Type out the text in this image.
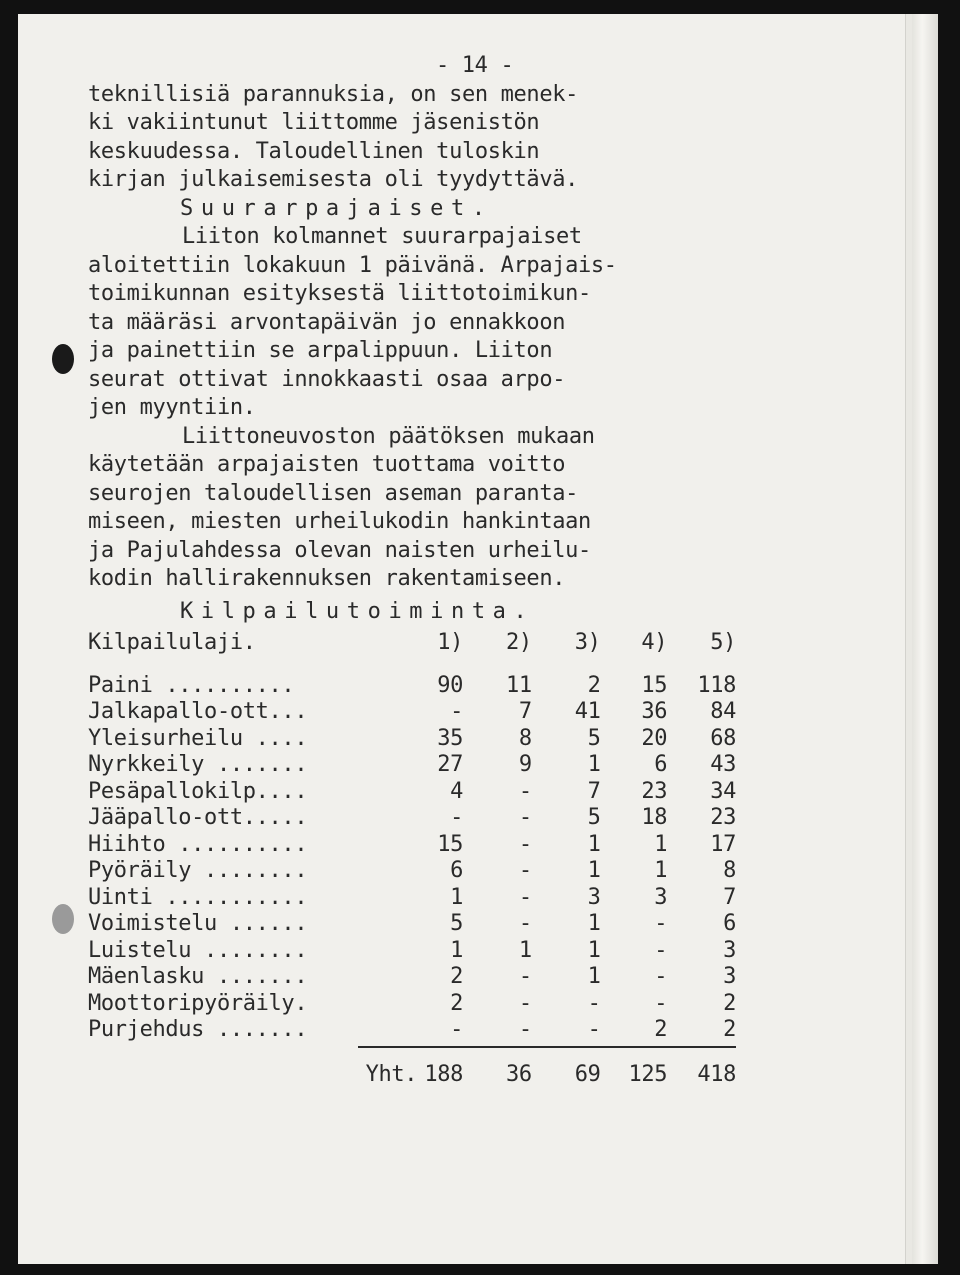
- 14 -
teknillisiä parannuksia, on sen menek-
ki vakiintunut liittomme jäsenistön
keskuudessa. Taloudellinen tuloskin
kirjan julkaisemisesta oli tyydyttävä.
Suurarpajaiset.
Liiton kolmannet suurarpajaiset
aloitettiin lokakuun 1 päivänä. Arpajais-
toimikunnan esityksestä liittotoimikun-
ta määräsi arvontapäivän jo ennakkoon
ja painettiin se arpalippuun. Liiton
seurat ottivat innokkaasti osaa arpo-
jen myyntiin.
Liittoneuvoston päätöksen mukaan
käytetään arpajaisten tuottama voitto
seurojen taloudellisen aseman paranta-
miseen, miesten urheilukodin hankintaan
ja Pajulahdessa olevan naisten urheilu-
kodin hallirakennuksen rakentamiseen.
Kilpailutoiminta.
Kilpailulaji.	1)	2)	3)	4)	5)
Paini ..........	90	11	2	15	118
Jalkapallo-ott...	-	7	41	36	84
Yleisurheilu ....	35	8	5	20	68
Nyrkkeily .......	27	9	1	6	43
Pesäpallokilp....	4	-	7	23	34
Jääpallo-ott.....	-	-	5	18	23
Hiihto ..........	15	-	1	1	17
Pyöräily ........	6	-	1	1	8
Uinti ...........	1	-	3	3	7
Voimistelu ......	5	-	1	-	6
Luistelu ........	1	1	1	-	3
Mäenlasku .......	2	-	1	-	3
Moottoripyöräily.	2	-	-	-	2
Purjehdus .......	-	-	-	2	2

Yht.	188	36	69	125	418
